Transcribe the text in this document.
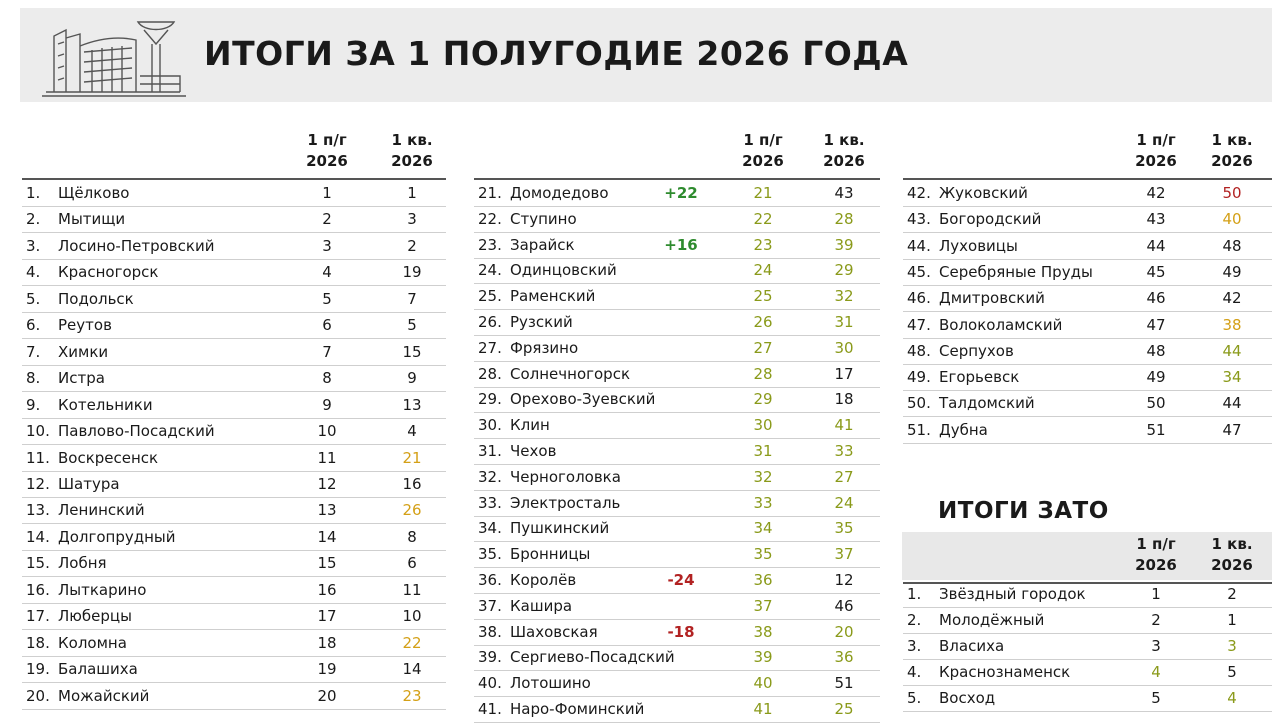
ИТОГИ ЗА 1 ПОЛУГОДИЕ 2026 ГОДА
1 п/г
2026
1 кв.
2026
1. Щёлково	1	1
2. Мытищи	2	3
3. Лосино-Петровский	3	2
4. Красногорск	4	19
5. Подольск	5	7
6. Реутов	6	5
7. Химки	7	15
8. Истра	8	9
9. Котельники	9	13
10. Павлово-Посадский	10	4
11. Воскресенск	11	21
12. Шатура	12	16
13. Ленинский	13	26
14. Долгопрудный	14	8
15. Лобня	15	6
16. Лыткарино	16	11
17. Люберцы	17	10
18. Коломна	18	22
19. Балашиха	19	14
20. Можайский	20	23
1 п/г
2026
1 кв.
2026
21. Домодедово	+22	21	43
22. Ступино	22	28
23. Зарайск	+16	23	39
24. Одинцовский	24	29
25. Раменский	25	32
26. Рузский	26	31
27. Фрязино	27	30
28. Солнечногорск	28	17
29. Орехово-Зуевский	29	18
30. Клин	30	41
31. Чехов	31	33
32. Черноголовка	32	27
33. Электросталь	33	24
34. Пушкинский	34	35
35. Бронницы	35	37
36. Королёв	-24	36	12
37. Кашира	37	46
38. Шаховская	-18	38	20
39. Сергиево-Посадский	39	36
40. Лотошино	40	51
41. Наро-Фоминский	41	25
1 п/г
2026
1 кв.
2026
42. Жуковский	42	50
43. Богородский	43	40
44. Луховицы	44	48
45. Серебряные Пруды	45	49
46. Дмитровский	46	42
47. Волоколамский	47	38
48. Серпухов	48	44
49. Егорьевск	49	34
50. Талдомский	50	44
51. Дубна	51	47
ИТОГИ ЗАТО
1 п/г
2026
1 кв.
2026
1. Звёздный городок	1	2
2. Молодёжный	2	1
3. Власиха	3	3
4. Краснознаменск	4	5
5. Восход	5	4
